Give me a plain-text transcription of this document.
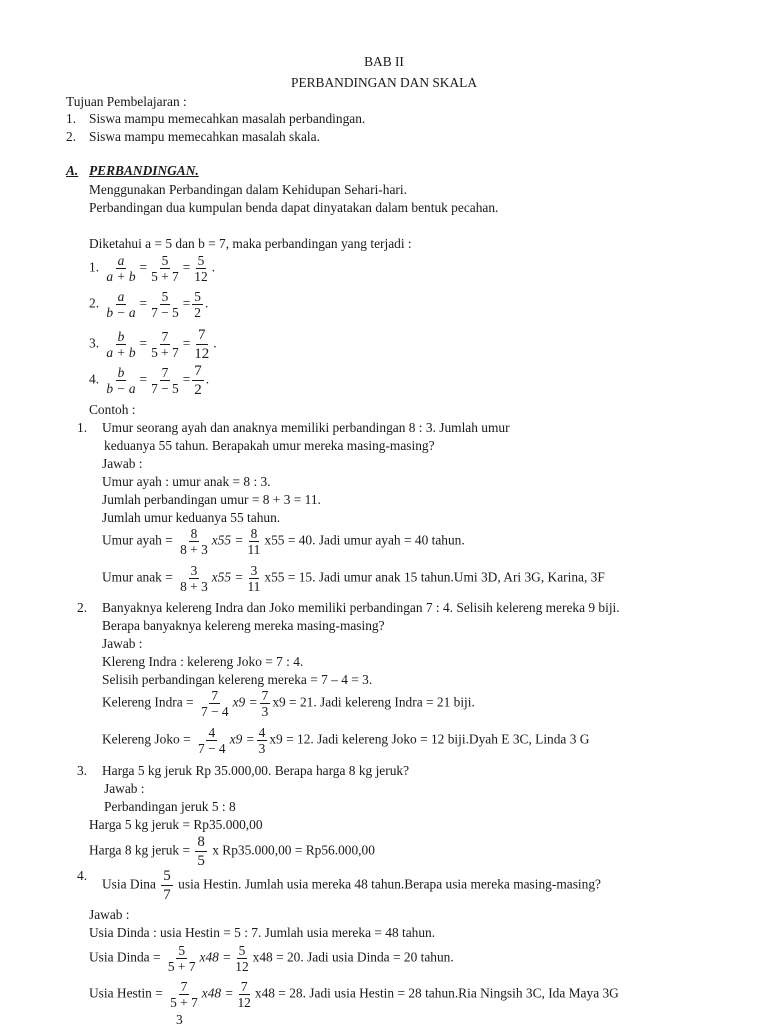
BAB II
PERBANDINGAN DAN SKALA
Tujuan Pembelajaran :
1. Siswa mampu memecahkan masalah perbandingan.
2. Siswa mampu memecahkan masalah skala.
A. PERBANDINGAN.
Menggunakan Perbandingan dalam Kehidupan Sehari-hari.
Perbandingan dua kumpulan benda dapat dinyatakan dalam bentuk pecahan.
Diketahui a = 5 dan b = 7, maka perbandingan yang terjadi :
1. $\frac{a}{a + b} = \frac{5}{5 + 7} = \frac{5}{12}$ .
2. $\frac{a}{b - a} = \frac{5}{7 - 5} = \frac{5}{2}$ .
3. $\frac{b}{a + b} = \frac{7}{5 + 7} = \frac{7}{12}$ .
4. $\frac{b}{b - a} = \frac{7}{7 - 5} = \frac{7}{2}$ .
Contoh :
1. Umur seorang ayah dan anaknya memiliki perbandingan 8 : 3. Jumlah umur
keduanya 55 tahun. Berapakah umur mereka masing-masing?
Jawab :
Umur ayah : umur anak = 8 : 3.
Jumlah perbandingan umur = 8 + 3 = 11.
Jumlah umur keduanya 55 tahun.
Umur ayah = $\frac{8}{8 + 3} x55 = \frac{8}{11} x55 = 40$. Jadi umur ayah = 40 tahun.
Umur anak = $\frac{3}{8 + 3} x55 = \frac{3}{11} x55 = 15$. Jadi umur anak 15 tahun.Umi 3D, Ari 3G, Karina, 3F
2. Banyaknya kelereng Indra dan Joko memiliki perbandingan 7 : 4. Selisih kelereng mereka 9 biji.
Berapa banyaknya kelereng mereka masing-masing?
Jawab :
Klereng Indra : kelereng Joko = 7 : 4.
Selisih perbandingan kelereng mereka = 7 – 4 = 3.
Kelereng Indra = $\frac{7}{7 - 4} x9 = \frac{7}{3} x9 = 21$. Jadi kelereng Indra = 21 biji.
Kelereng Joko = $\frac{4}{7 - 4} x9 = \frac{4}{3} x9 = 12$. Jadi kelereng Joko = 12 biji.Dyah E 3C, Linda 3 G
3. Harga 5 kg jeruk Rp 35.000,00. Berapa harga 8 kg jeruk?
Jawab :
Perbandingan jeruk 5 : 8
Harga 5 kg jeruk = Rp35.000,00
Harga 8 kg jeruk = $\frac{8}{5}$ x Rp35.000,00 = Rp56.000,00
4.
Usia Dina $\frac{5}{7}$ usia Hestin. Jumlah usia mereka 48 tahun.Berapa usia mereka masing-masing?
Jawab :
Usia Dinda : usia Hestin = 5 : 7. Jumlah usia mereka = 48 tahun.
Usia Dinda = $\frac{5}{5 + 7} x48 = \frac{5}{12} x48 = 20$. Jadi usia Dinda = 20 tahun.
Usia Hestin = $\frac{7}{5 + 7} x48 = \frac{7}{12} x48 = 28$. Jadi usia Hestin = 28 tahun.Ria Ningsih 3C, Ida Maya 3G
3
